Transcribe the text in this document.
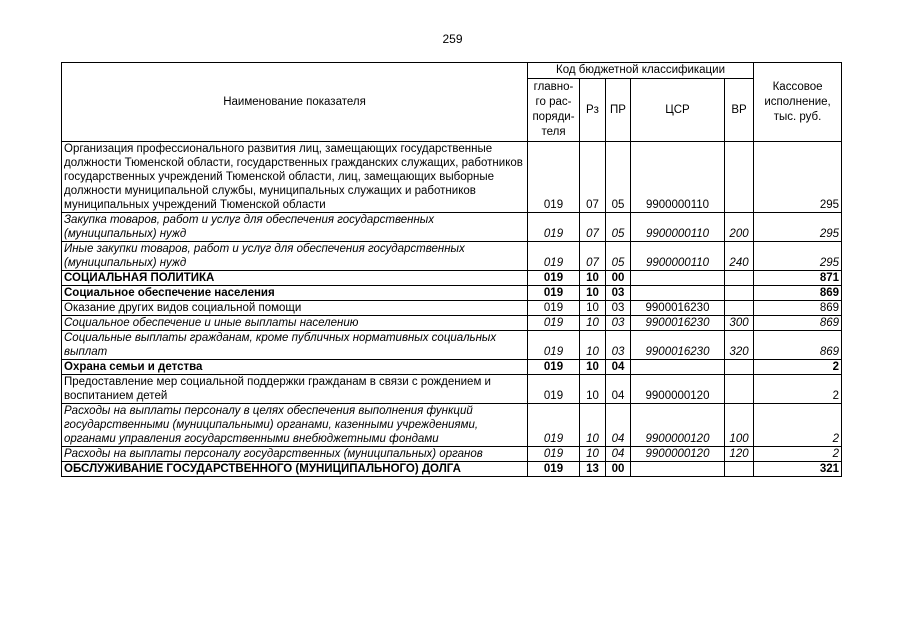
259
Наименование показателя	Код бюджетной классификации					Кассовое исполнение, тыс. руб.
	главно-го рас-поряди-теля	Рз	ПР	ЦСР	ВР	
Организация профессионального развития лиц, замещающих государственные должности Тюменской области, государственных гражданских служащих, работников государственных учреждений Тюменской области, лиц, замещающих выборные должности муниципальной службы, муниципальных служащих и работников муниципальных учреждений Тюменской области	019	07	05	9900000110		295
Закупка товаров, работ и услуг для обеспечения государственных (муниципальных) нужд	019	07	05	9900000110	200	295
Иные закупки товаров, работ и услуг для обеспечения государственных (муниципальных) нужд	019	07	05	9900000110	240	295
СОЦИАЛЬНАЯ ПОЛИТИКА	019	10	00			871
Социальное обеспечение населения	019	10	03			869
Оказание других видов социальной помощи	019	10	03	9900016230		869
Социальное обеспечение и иные выплаты населению	019	10	03	9900016230	300	869
Социальные выплаты гражданам, кроме публичных нормативных социальных выплат	019	10	03	9900016230	320	869
Охрана семьи и детства	019	10	04			2
Предоставление мер социальной поддержки гражданам в связи с рождением и воспитанием детей	019	10	04	9900000120		2
Расходы на выплаты персоналу в целях обеспечения выполнения функций государственными (муниципальными) органами, казенными учреждениями, органами управления государственными внебюджетными фондами	019	10	04	9900000120	100	2
Расходы на выплаты персоналу государственных (муниципальных) органов	019	10	04	9900000120	120	2
ОБСЛУЖИВАНИЕ ГОСУДАРСТВЕННОГО (МУНИЦИПАЛЬНОГО) ДОЛГА	019	13	00			321
